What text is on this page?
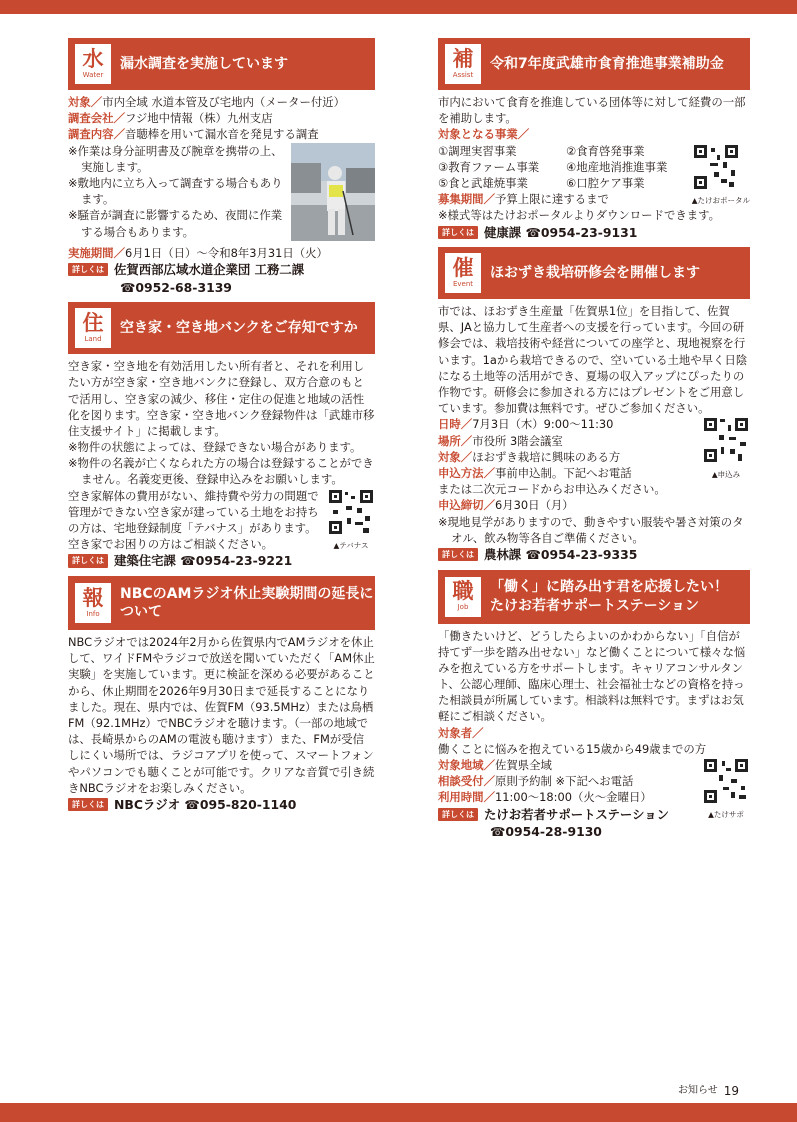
水
Water
漏水調査を実施しています
対象／市内全域 水道本管及び宅地内（メーター付近）
調査会社／フジ地中情報（株）九州支店
調査内容／音聴棒を用いて漏水音を発見する調査
※作業は身分証明書及び腕章を携帯の上、実施します。
※敷地内に立ち入って調査する場合もあります。
※騒音が調査に影響するため、夜間に作業する場合もあります。
実施期間／6月1日（日）～令和8年3月31日（火）
詳しくは 佐賀西部広域水道企業団 工務二課
☎0952-68-3139
住
Land
空き家・空き地バンクをご存知ですか
空き家・空き地を有効活用したい所有者と、それを利用したい方が空き家・空き地バンクに登録し、双方合意のもとで活用し、空き家の減少、移住・定住の促進と地域の活性化を図ります。空き家・空き地バンク登録物件は「武雄市移住支援サイト」に掲載します。
※物件の状態によっては、登録できない場合があります。
※物件の名義が亡くなられた方の場合は登録することができません。名義変更後、登録申込みをお願いします。
▲テバナス
空き家解体の費用がない、維持費や労力の問題で管理ができない空き家が建っている土地をお持ちの方は、宅地登録制度「テバナス」があります。空き家でお困りの方はご相談ください。
詳しくは 建築住宅課 ☎0954-23-9221
報
Info
NBCのAMラジオ休止実験期間の延長について
NBCラジオでは2024年2月から佐賀県内でAMラジオを休止して、ワイドFMやラジコで放送を聞いていただく「AM休止実験」を実施しています。更に検証を深める必要があることから、休止期間を2026年9月30日まで延長することになりました。現在、県内では、佐賀FM（93.5MHz）または鳥栖FM（92.1MHz）でNBCラジオを聴けます。（一部の地域では、長崎県からのAMの電波も聴けます）また、FMが受信しにくい場所では、ラジコアプリを使って、スマートフォンやパソコンでも聴くことが可能です。クリアな音質で引き続きNBCラジオをお楽しみください。
詳しくは NBCラジオ ☎095-820-1140
補
Assist
令和7年度武雄市食育推進事業補助金
市内において食育を推進している団体等に対して経費の一部を補助します。
対象となる事業／
▲たけおポータル
①調理実習事業	②食育啓発事業
③教育ファーム事業	④地産地消推進事業
⑤食と武雄焼事業	⑥口腔ケア事業
募集期間／予算上限に達するまで
※様式等はたけおポータルよりダウンロードできます。
詳しくは 健康課 ☎0954-23-9131
催
Event
ほおずき栽培研修会を開催します
市では、ほおずき生産量「佐賀県1位」を目指して、佐賀県、JAと協力して生産者への支援を行っています。今回の研修会では、栽培技術や経営についての座学と、現地視察を行います。1aから栽培できるので、空いている土地や早く日陰になる土地等の活用ができ、夏場の収入アップにぴったりの作物です。研修会に参加される方にはプレゼントをご用意しています。参加費は無料です。ぜひご参加ください。
▲申込み
日時／7月3日（木）9:00～11:30
場所／市役所 3階会議室
対象／ほおずき栽培に興味のある方
申込方法／事前申込制。下記へお電話
または二次元コードからお申込みください。
申込締切／6月30日（月）
※現地見学がありますので、動きやすい服装や暑さ対策のタオル、飲み物等各自ご準備ください。
詳しくは 農林課 ☎0954-23-9335
職
Job
「働く」に踏み出す君を応援したい！
たけお若者サポートステーション
「働きたいけど、どうしたらよいのかわからない」「自信が持てず一歩を踏み出せない」など働くことについて様々な悩みを抱えている方をサポートします。キャリアコンサルタント、公認心理師、臨床心理士、社会福祉士などの資格を持った相談員が所属しています。相談料は無料です。まずはお気軽にご相談ください。
対象者／
働くことに悩みを抱えている15歳から49歳までの方
▲たけサポ
対象地域／佐賀県全域
相談受付／原則予約制 ※下記へお電話
利用時間／11:00～18:00（火～金曜日）
詳しくは たけお若者サポートステーション
☎0954-28-9130
お知らせ 19
